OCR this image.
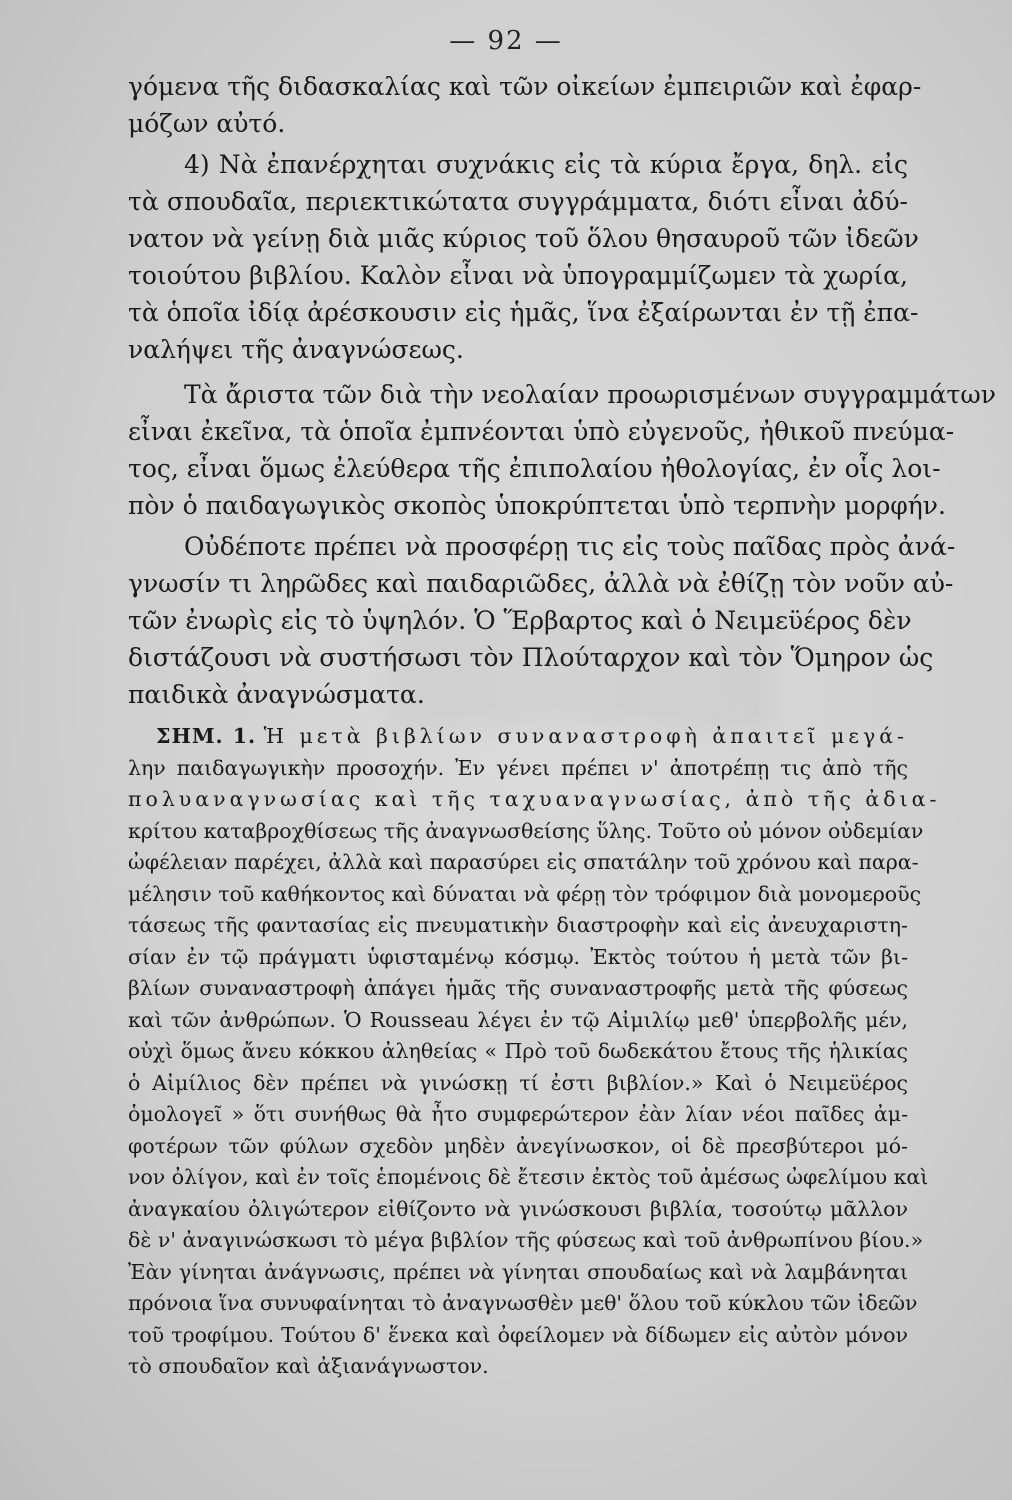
— 92 —
γόμενα τῆς διδασκαλίας καὶ τῶν οἰκείων ἐμπειριῶν καὶ ἐφαρ-
μόζων αὐτό.
4) Νὰ ἐπανέρχηται συχνάκις εἰς τὰ κύρια ἔργα, δηλ. εἰς
τὰ σπουδαῖα, περιεκτικώτατα συγγράμματα, διότι εἶναι ἀδύ-
νατον νὰ γείνῃ διὰ μιᾶς κύριος τοῦ ὅλου θησαυροῦ τῶν ἰδεῶν
τοιούτου βιβλίου. Καλὸν εἶναι νὰ ὑπογραμμίζωμεν τὰ χωρία,
τὰ ὁποῖα ἰδίᾳ ἀρέσκουσιν εἰς ἡμᾶς, ἵνα ἐξαίρωνται ἐν τῇ ἐπα-
ναλήψει τῆς ἀναγνώσεως.
Τὰ ἄριστα τῶν διὰ τὴν νεολαίαν προωρισμένων συγγραμμάτων
εἶναι ἐκεῖνα, τὰ ὁποῖα ἐμπνέονται ὑπὸ εὐγενοῦς, ἠθικοῦ πνεύμα-
τος, εἶναι ὅμως ἐλεύθερα τῆς ἐπιπολαίου ἠθολογίας, ἐν οἷς λοι-
πὸν ὁ παιδαγωγικὸς σκοπὸς ὑποκρύπτεται ὑπὸ τερπνὴν μορφήν.
Οὐδέποτε πρέπει νὰ προσφέρῃ τις εἰς τοὺς παῖδας πρὸς ἀνά-
γνωσίν τι ληρῶδες καὶ παιδαριῶδες, ἀλλὰ νὰ ἐθίζῃ τὸν νοῦν αὐ-
τῶν ἐνωρὶς εἰς τὸ ὑψηλόν. Ὁ Ἕρβαρτος καὶ ὁ Νειμεϋέρος δὲν
διστάζουσι νὰ συστήσωσι τὸν Πλούταρχον καὶ τὸν Ὅμηρον ὡς
παιδικὰ ἀναγνώσματα.
ΣΗΜ. 1. Ἡ μετὰ βιβλίων συναναστροφὴ ἀπαιτεῖ μεγά-
λην παιδαγωγικὴν προσοχήν. Ἐν γένει πρέπει ν' ἀποτρέπῃ τις ἀπὸ τῆς
πολυαναγνωσίας καὶ τῆς ταχυαναγνωσίας, ἀπὸ τῆς ἀδια-
κρίτου καταβροχθίσεως τῆς ἀναγνωσθείσης ὕλης. Τοῦτο οὐ μόνον οὐδεμίαν
ὠφέλειαν παρέχει, ἀλλὰ καὶ παρασύρει εἰς σπατάλην τοῦ χρόνου καὶ παρα-
μέλησιν τοῦ καθήκοντος καὶ δύναται νὰ φέρῃ τὸν τρόφιμον διὰ μονομεροῦς
τάσεως τῆς φαντασίας εἰς πνευματικὴν διαστροφὴν καὶ εἰς ἀνευχαριστη-
σίαν ἐν τῷ πράγματι ὑφισταμένῳ κόσμῳ. Ἐκτὸς τούτου ἡ μετὰ τῶν βι-
βλίων συναναστροφὴ ἀπάγει ἡμᾶς τῆς συναναστροφῆς μετὰ τῆς φύσεως
καὶ τῶν ἀνθρώπων. Ὁ Rousseau λέγει ἐν τῷ Αἰμιλίῳ μεθ' ὑπερβολῆς μέν,
οὐχὶ ὅμως ἄνευ κόκκου ἀληθείας « Πρὸ τοῦ δωδεκάτου ἔτους τῆς ἡλικίας
ὁ Αἰμίλιος δὲν πρέπει νὰ γινώσκῃ τί ἐστι βιβλίον.» Καὶ ὁ Νειμεϋέρος
ὁμολογεῖ » ὅτι συνήθως θὰ ἦτο συμφερώτερον ἐὰν λίαν νέοι παῖδες ἀμ-
φοτέρων τῶν φύλων σχεδὸν μηδὲν ἀνεγίνωσκον, οἱ δὲ πρεσβύτεροι μό-
νον ὀλίγον, καὶ ἐν τοῖς ἑπομένοις δὲ ἔτεσιν ἐκτὸς τοῦ ἀμέσως ὠφελίμου καὶ
ἀναγκαίου ὀλιγώτερον εἰθίζοντο νὰ γινώσκουσι βιβλία, τοσούτῳ μᾶλλον
δὲ ν' ἀναγινώσκωσι τὸ μέγα βιβλίον τῆς φύσεως καὶ τοῦ ἀνθρωπίνου βίου.»
Ἐὰν γίνηται ἀνάγνωσις, πρέπει νὰ γίνηται σπουδαίως καὶ νὰ λαμβάνηται
πρόνοια ἵνα συνυφαίνηται τὸ ἀναγνωσθὲν μεθ' ὅλου τοῦ κύκλου τῶν ἰδεῶν
τοῦ τροφίμου. Τούτου δ' ἕνεκα καὶ ὀφείλομεν νὰ δίδωμεν εἰς αὐτὸν μόνον
τὸ σπουδαῖον καὶ ἀξιανάγνωστον.
